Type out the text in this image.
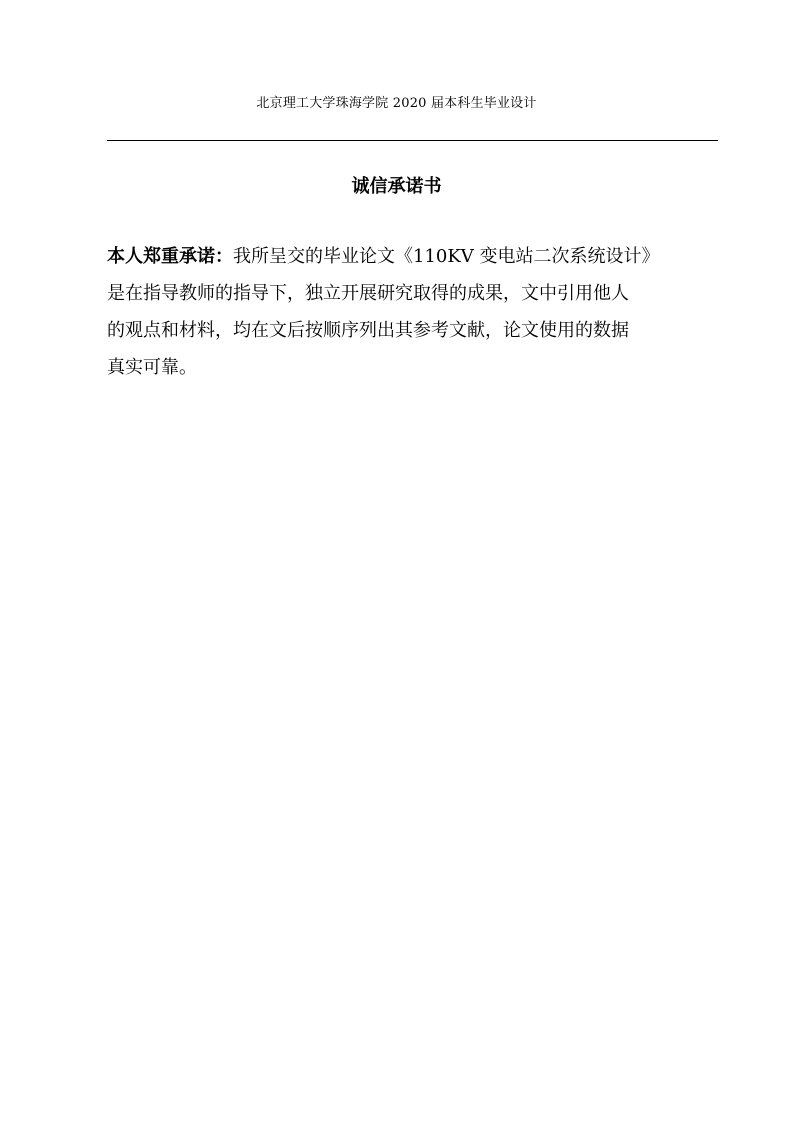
北京理工大学珠海学院 2020 届本科生毕业设计
诚信承诺书
本人郑重承诺：我所呈交的毕业论文《110KV 变电站二次系统设计》
是在指导教师的指导下，独立开展研究取得的成果，文中引用他人
的观点和材料，均在文后按顺序列出其参考文献，论文使用的数据
真实可靠。
